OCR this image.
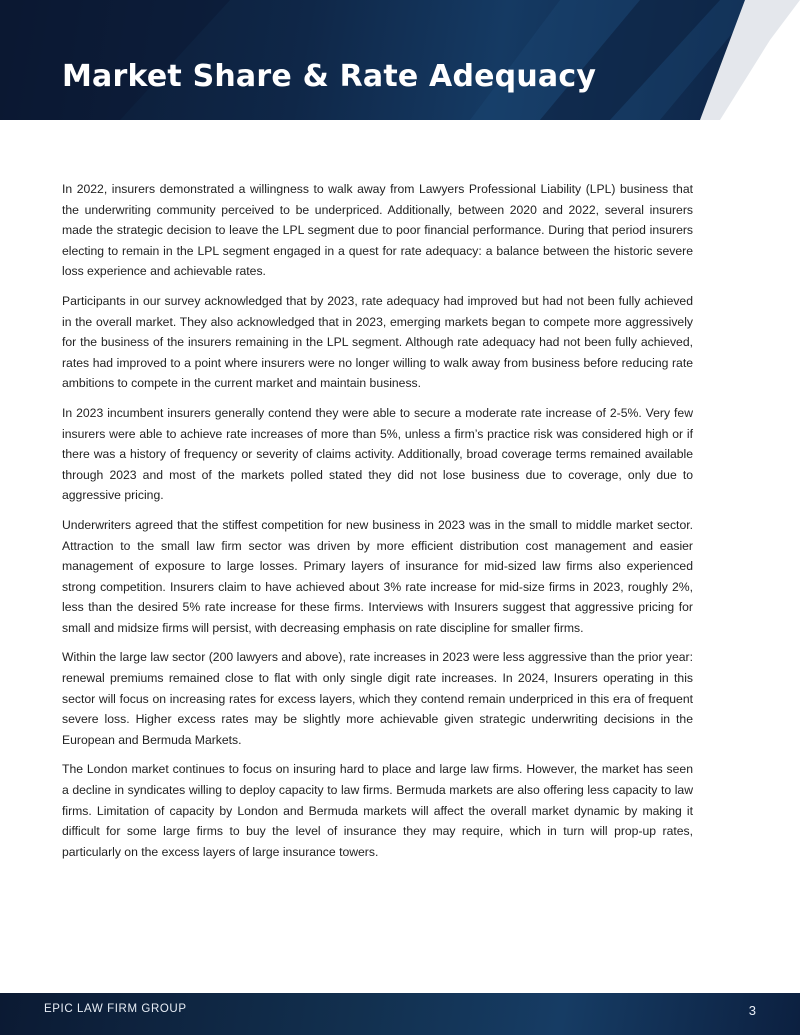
Market Share & Rate Adequacy

In 2022, insurers demonstrated a willingness to walk away from Lawyers Professional Liability (LPL) business that the underwriting community perceived to be underpriced. Additionally, between 2020 and 2022, several insurers made the strategic decision to leave the LPL segment due to poor financial performance. During that period insurers electing to remain in the LPL segment engaged in a quest for rate adequacy: a balance between the historic severe loss experience and achievable rates.

Participants in our survey acknowledged that by 2023, rate adequacy had improved but had not been fully achieved in the overall market. They also acknowledged that in 2023, emerging markets began to compete more aggressively for the business of the insurers remaining in the LPL segment. Although rate adequacy had not been fully achieved, rates had improved to a point where insurers were no longer willing to walk away from business before reducing rate ambitions to compete in the current market and maintain business.

In 2023 incumbent insurers generally contend they were able to secure a moderate rate increase of 2-5%. Very few insurers were able to achieve rate increases of more than 5%, unless a firm’s practice risk was considered high or if there was a history of frequency or severity of claims activity. Additionally, broad coverage terms remained available through 2023 and most of the markets polled stated they did not lose business due to coverage, only due to aggressive pricing.

Underwriters agreed that the stiffest competition for new business in 2023 was in the small to middle market sector. Attraction to the small law firm sector was driven by more efficient distribution cost management and easier management of exposure to large losses. Primary layers of insurance for mid-sized law firms also experienced strong competition. Insurers claim to have achieved about 3% rate increase for mid-size firms in 2023, roughly 2%, less than the desired 5% rate increase for these firms. Interviews with Insurers suggest that aggressive pricing for small and midsize firms will persist, with decreasing emphasis on rate discipline for smaller firms.

Within the large law sector (200 lawyers and above), rate increases in 2023 were less aggressive than the prior year: renewal premiums remained close to flat with only single digit rate increases. In 2024, Insurers operating in this sector will focus on increasing rates for excess layers, which they contend remain underpriced in this era of frequent severe loss. Higher excess rates may be slightly more achievable given strategic underwriting decisions in the European and Bermuda Markets.

The London market continues to focus on insuring hard to place and large law firms. However, the market has seen a decline in syndicates willing to deploy capacity to law firms. Bermuda markets are also offering less capacity to law firms. Limitation of capacity by London and Bermuda markets will affect the overall market dynamic by making it difficult for some large firms to buy the level of insurance they may require, which in turn will prop-up rates, particularly on the excess layers of large insurance towers.

EPIC LAW FIRM GROUP	3
